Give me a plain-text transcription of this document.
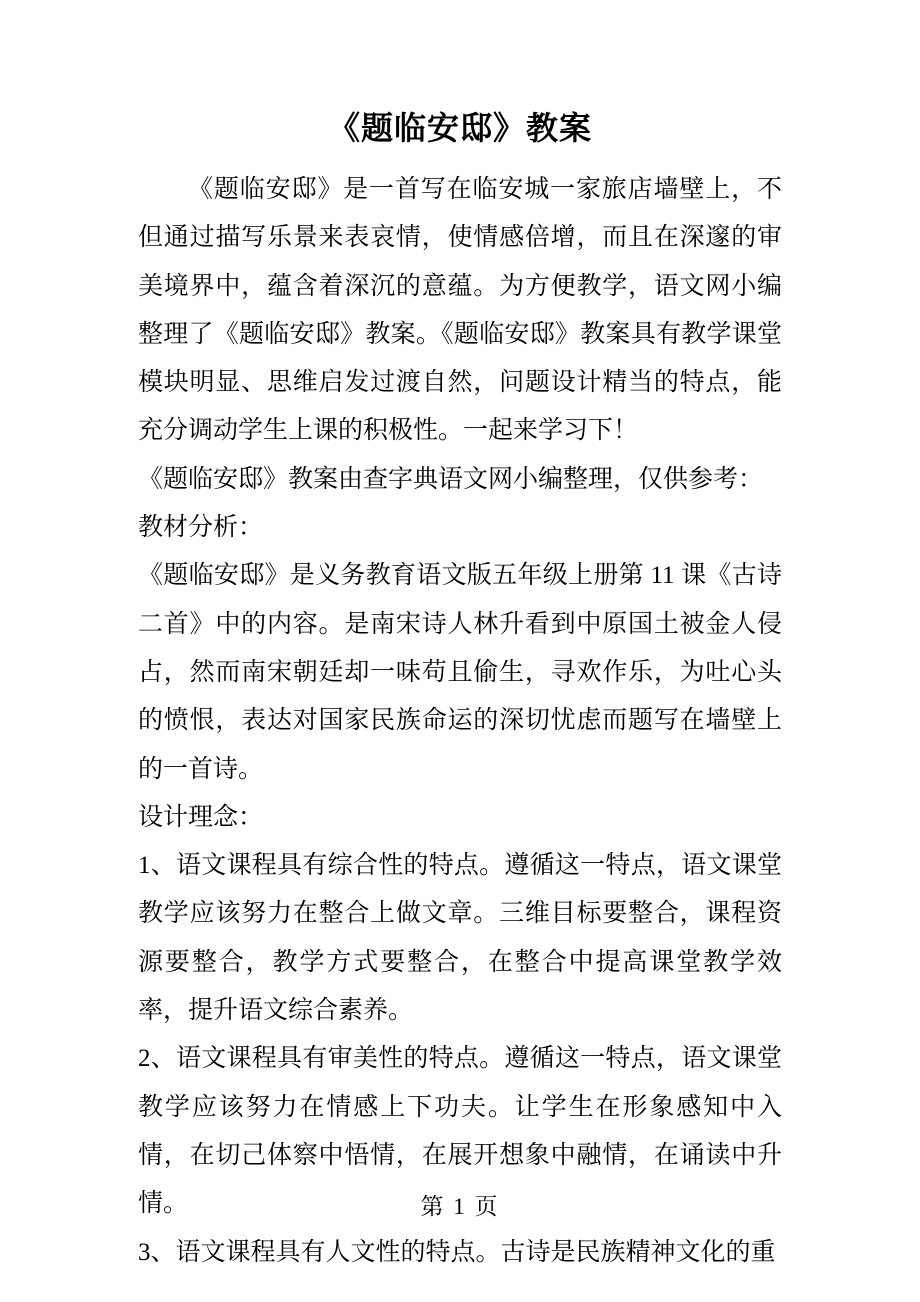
《题临安邸》教案

《题临安邸》是一首写在临安城一家旅店墙壁上，不但通过描写乐景来表哀情，使情感倍增，而且在深邃的审美境界中，蕴含着深沉的意蕴。为方便教学，语文网小编整理了《题临安邸》教案。《题临安邸》教案具有教学课堂模块明显、思维启发过渡自然，问题设计精当的特点，能充分调动学生上课的积极性。一起来学习下！

《题临安邸》教案由查字典语文网小编整理，仅供参考：

教材分析：

《题临安邸》是义务教育语文版五年级上册第 11 课《古诗二首》中的内容。是南宋诗人林升看到中原国土被金人侵占，然而南宋朝廷却一味苟且偷生，寻欢作乐，为吐心头的愤恨，表达对国家民族命运的深切忧虑而题写在墙壁上的一首诗。

设计理念：

1、语文课程具有综合性的特点。遵循这一特点，语文课堂教学应该努力在整合上做文章。三维目标要整合，课程资源要整合，教学方式要整合，在整合中提高课堂教学效率，提升语文综合素养。

2、语文课程具有审美性的特点。遵循这一特点，语文课堂教学应该努力在情感上下功夫。让学生在形象感知中入情，在切己体察中悟情，在展开想象中融情，在诵读中升情。

3、语文课程具有人文性的特点。古诗是民族精神文化的重

第 1 页
